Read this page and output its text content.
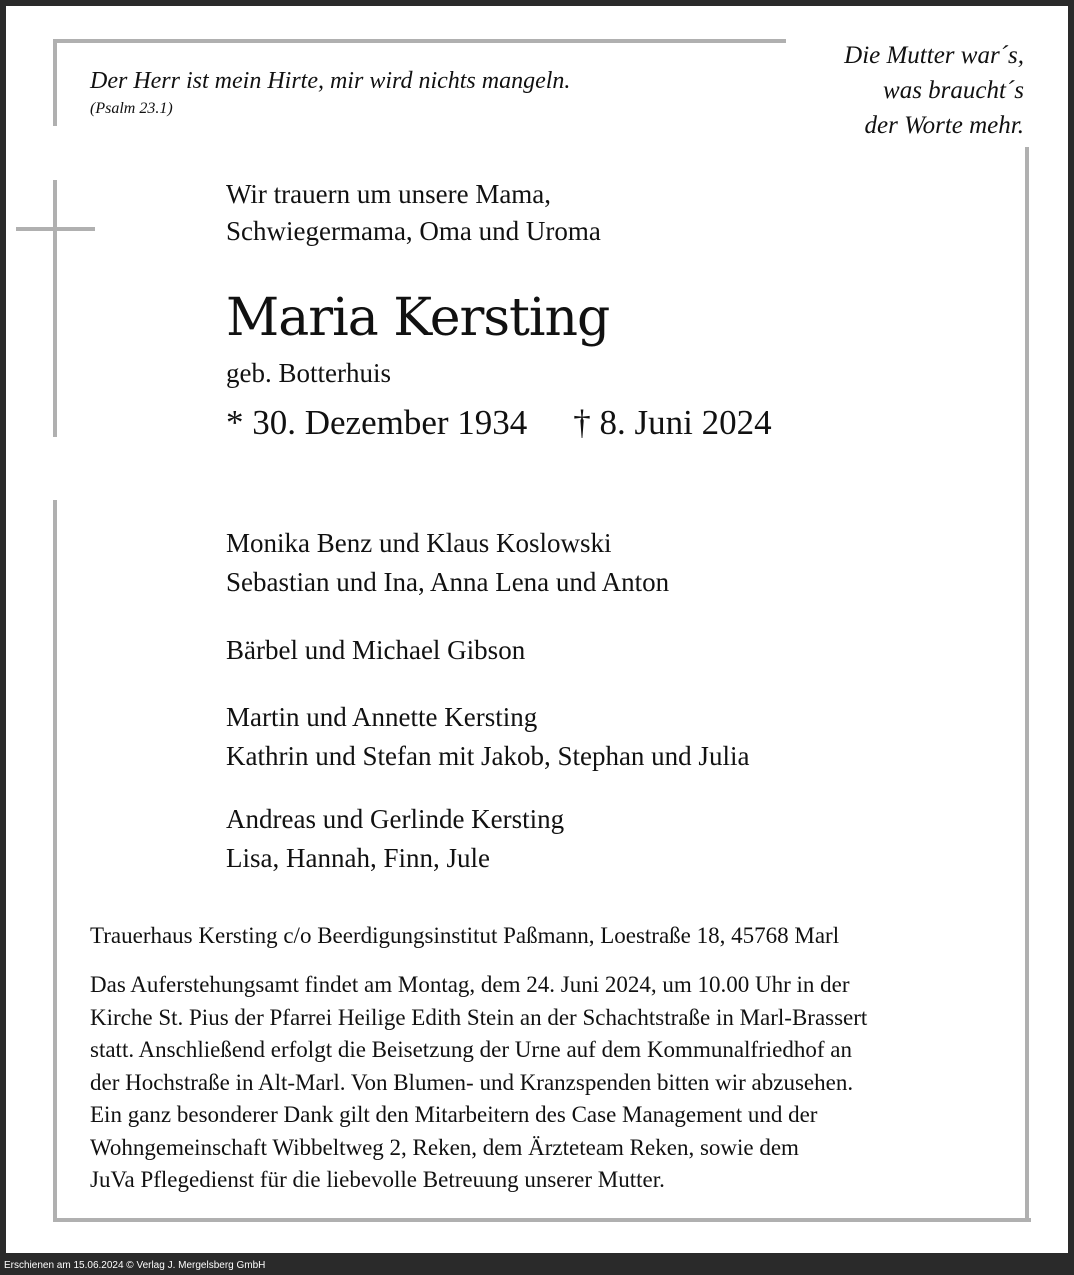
Der Herr ist mein Hirte, mir wird nichts mangeln.
(Psalm 23.1)
Die Mutter war´s,
was braucht´s
der Worte mehr.
Wir trauern um unsere Mama,
Schwiegermama, Oma und Uroma
Maria Kersting
geb. Botterhuis
* 30. Dezember 1934 † 8. Juni 2024
Monika Benz und Klaus Koslowski
Sebastian und Ina, Anna Lena und Anton
Bärbel und Michael Gibson
Martin und Annette Kersting
Kathrin und Stefan mit Jakob, Stephan und Julia
Andreas und Gerlinde Kersting
Lisa, Hannah, Finn, Jule
Trauerhaus Kersting c/o Beerdigungsinstitut Paßmann, Loestraße 18, 45768 Marl
Das Auferstehungsamt findet am Montag, dem 24. Juni 2024, um 10.00 Uhr in der
Kirche St. Pius der Pfarrei Heilige Edith Stein an der Schachtstraße in Marl-Brassert
statt. Anschließend erfolgt die Beisetzung der Urne auf dem Kommunalfriedhof an
der Hochstraße in Alt-Marl. Von Blumen- und Kranzspenden bitten wir abzusehen.
Ein ganz besonderer Dank gilt den Mitarbeitern des Case Management und der
Wohngemeinschaft Wibbeltweg 2, Reken, dem Ärzteteam Reken, sowie dem
JuVa Pflegedienst für die liebevolle Betreuung unserer Mutter.
Erschienen am 15.06.2024 © Verlag J. Mergelsberg GmbH
